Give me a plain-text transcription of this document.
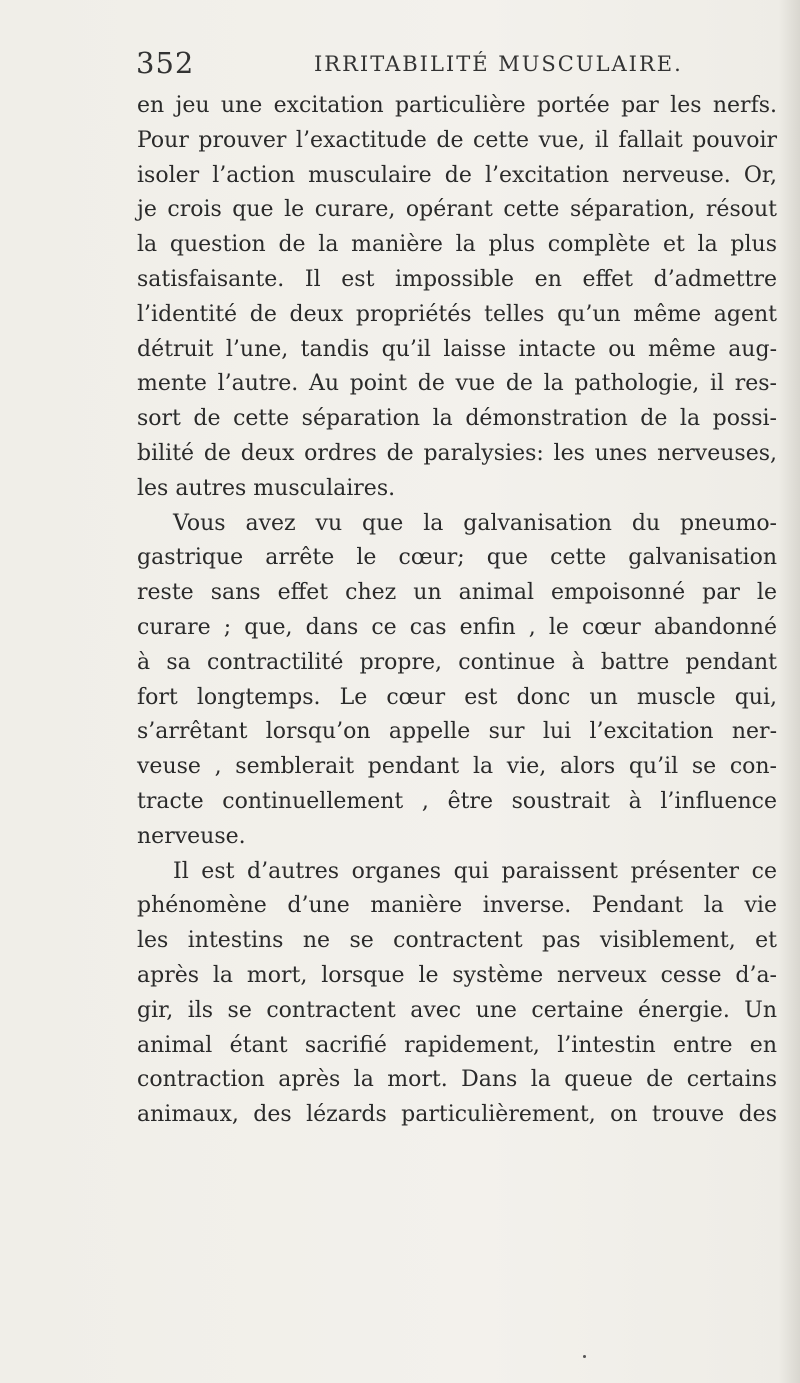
352	IRRITABILITÉ MUSCULAIRE.
en jeu une excitation particulière portée par les nerfs.
Pour prouver l’exactitude de cette vue, il fallait pouvoir
isoler l’action musculaire de l’excitation nerveuse. Or,
je crois que le curare, opérant cette séparation, résout
la question de la manière la plus complète et la plus
satisfaisante. Il est impossible en effet d’admettre
l’identité de deux propriétés telles qu’un même agent
détruit l’une, tandis qu’il laisse intacte ou même aug-
mente l’autre. Au point de vue de la pathologie, il res-
sort de cette séparation la démonstration de la possi-
bilité de deux ordres de paralysies: les unes nerveuses,
les autres musculaires.
Vous avez vu que la galvanisation du pneumo-
gastrique arrête le cœur; que cette galvanisation
reste sans effet chez un animal empoisonné par le
curare ; que, dans ce cas enfin , le cœur abandonné
à sa contractilité propre, continue à battre pendant
fort longtemps. Le cœur est donc un muscle qui,
s’arrêtant lorsqu’on appelle sur lui l’excitation ner-
veuse , semblerait pendant la vie, alors qu’il se con-
tracte continuellement , être soustrait à l’influence
nerveuse.
Il est d’autres organes qui paraissent présenter ce
phénomène d’une manière inverse. Pendant la vie
les intestins ne se contractent pas visiblement, et
après la mort, lorsque le système nerveux cesse d’a-
gir, ils se contractent avec une certaine énergie. Un
animal étant sacrifié rapidement, l’intestin entre en
contraction après la mort. Dans la queue de certains
animaux, des lézards particulièrement, on trouve des
